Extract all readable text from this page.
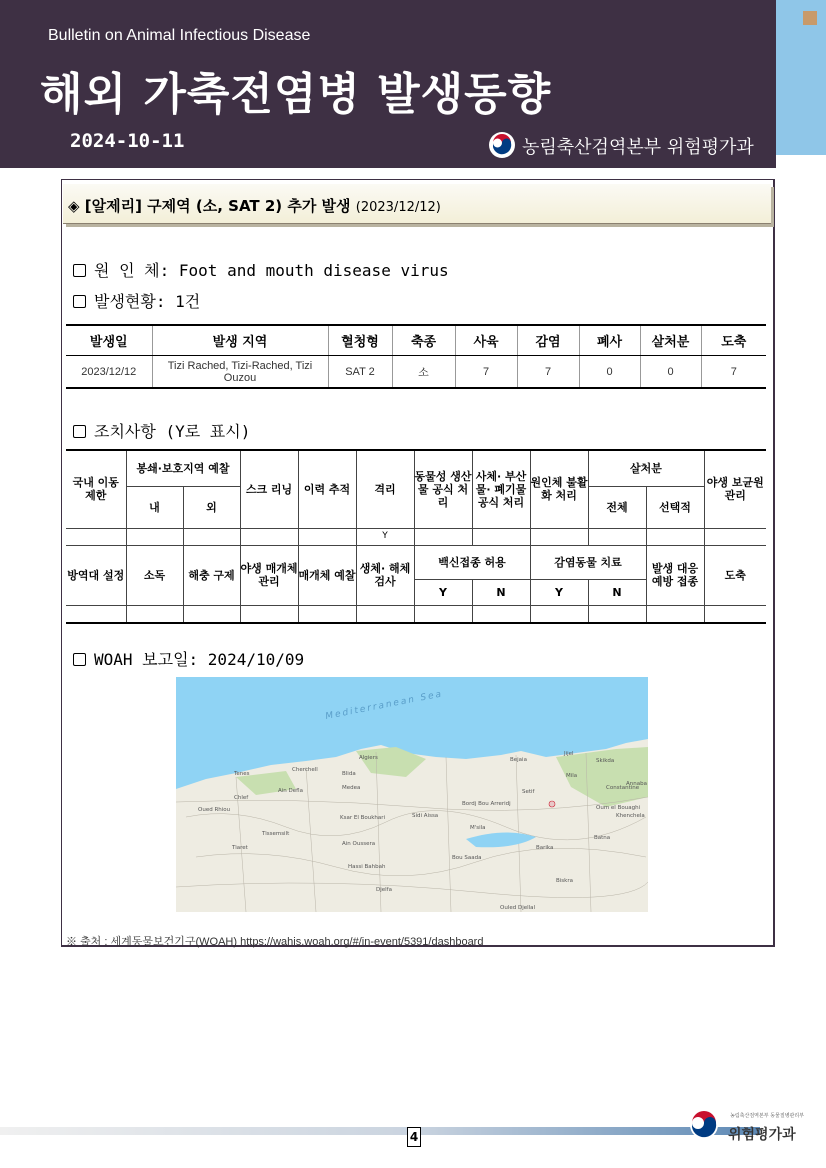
Bulletin on Animal Infectious Disease
해외 가축전염병 발생동향
2024-10-11	농림축산검역본부 위험평가과
◈ [알제리] 구제역 (소, SAT 2) 추가 발생 (2023/12/12)
원 인 체: Foot and mouth disease virus
발생현황: 1건
발생일	발생 지역	혈청형	축종	사육	감염	폐사	살처분	도축
2023/12/12	Tizi Rached, Tizi-Rached, Tizi Ouzou	SAT 2	소	7	7	0	0	7
조치사항 (Y로 표시)
국내 이동 제한	봉쇄·보호지역 예찰		스크 리닝	이력 추적	격리	동물성 생산물 공식 처리	사체· 부산물· 폐기물 공식 처리	원인체 불활화 처리	살처분		야생 보균원 관리
	내	외							전체	선택적	
					Y						
방역대 설정	소독	해충 구제	야생 매개체 관리	매개체 예찰	생체· 해체 검사	백신접종 허용		감염동물 치료		발생 대응 예방 접종	도축
						Y	N	Y	N		

WOAH 보고일: 2024/10/09
Mediterranean Sea
Algiers	Bejaia
Jijel
Skikda
Annaba
Tenes
Cherchell
Blida
Medea
Chlef
Ain Defla
Oued Rhiou
Tissemsilt
Tiaret
Ksar El Boukhari
Ain Oussera
Bordj Bou Arreridj
Setif
Constantine
Oum el Bouaghi
Mila
M'sila
Batna
Bou Saada
Barika
Khenchela
Hassi Bahbah
Djelfa
Biskra
Ouled Djellal
Sidi Aissa
※ 출처 : 세계동물보건기구(WOAH) https://wahis.woah.org/#/in-event/5391/dashboard
4
농림축산검역본부 동물질병관리부
위험평가과
